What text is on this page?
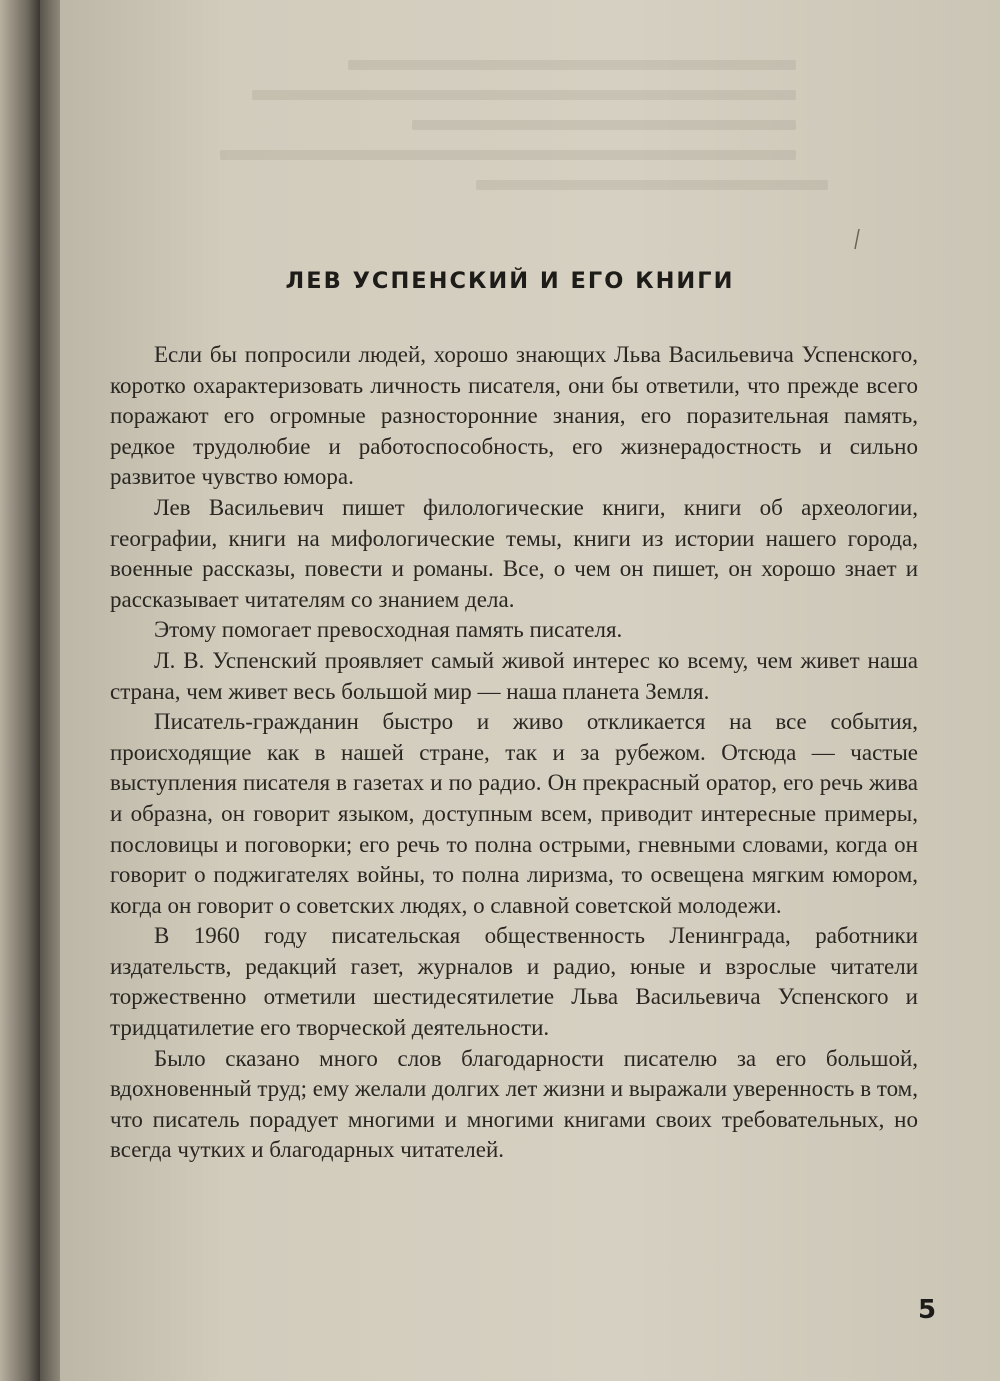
ЛЕВ УСПЕНСКИЙ И ЕГО КНИГИ

Если бы попросили людей, хорошо знающих Льва Васильевича Успенского, коротко охарактеризовать личность писателя, они бы ответили, что прежде всего поражают его огромные разносторонние знания, его поразительная память, редкое трудолюбие и работоспособность, его жизнерадостность и сильно развитое чувство юмора.

Лев Васильевич пишет филологические книги, книги об археологии, географии, книги на мифологические темы, книги из истории нашего города, военные рассказы, повести и романы. Все, о чем он пишет, он хорошо знает и рассказывает читателям со знанием дела.

Этому помогает превосходная память писателя.

Л. В. Успенский проявляет самый живой интерес ко всему, чем живет наша страна, чем живет весь большой мир — наша планета Земля.

Писатель-гражданин быстро и живо откликается на все события, происходящие как в нашей стране, так и за рубежом. Отсюда — частые выступления писателя в газетах и по радио. Он прекрасный оратор, его речь жива и образна, он говорит языком, доступным всем, приводит интересные примеры, пословицы и поговорки; его речь то полна острыми, гневными словами, когда он говорит о поджигателях войны, то полна лиризма, то освещена мягким юмором, когда он говорит о советских людях, о славной советской молодежи.

В 1960 году писательская общественность Ленинграда, работники издательств, редакций газет, журналов и радио, юные и взрослые читатели торжественно отметили шестидесятилетие Льва Васильевича Успенского и тридцатилетие его творческой деятельности.

Было сказано много слов благодарности писателю за его большой, вдохновенный труд; ему желали долгих лет жизни и выражали уверенность в том, что писатель порадует многими и многими книгами своих требовательных, но всегда чутких и благодарных читателей.

5
